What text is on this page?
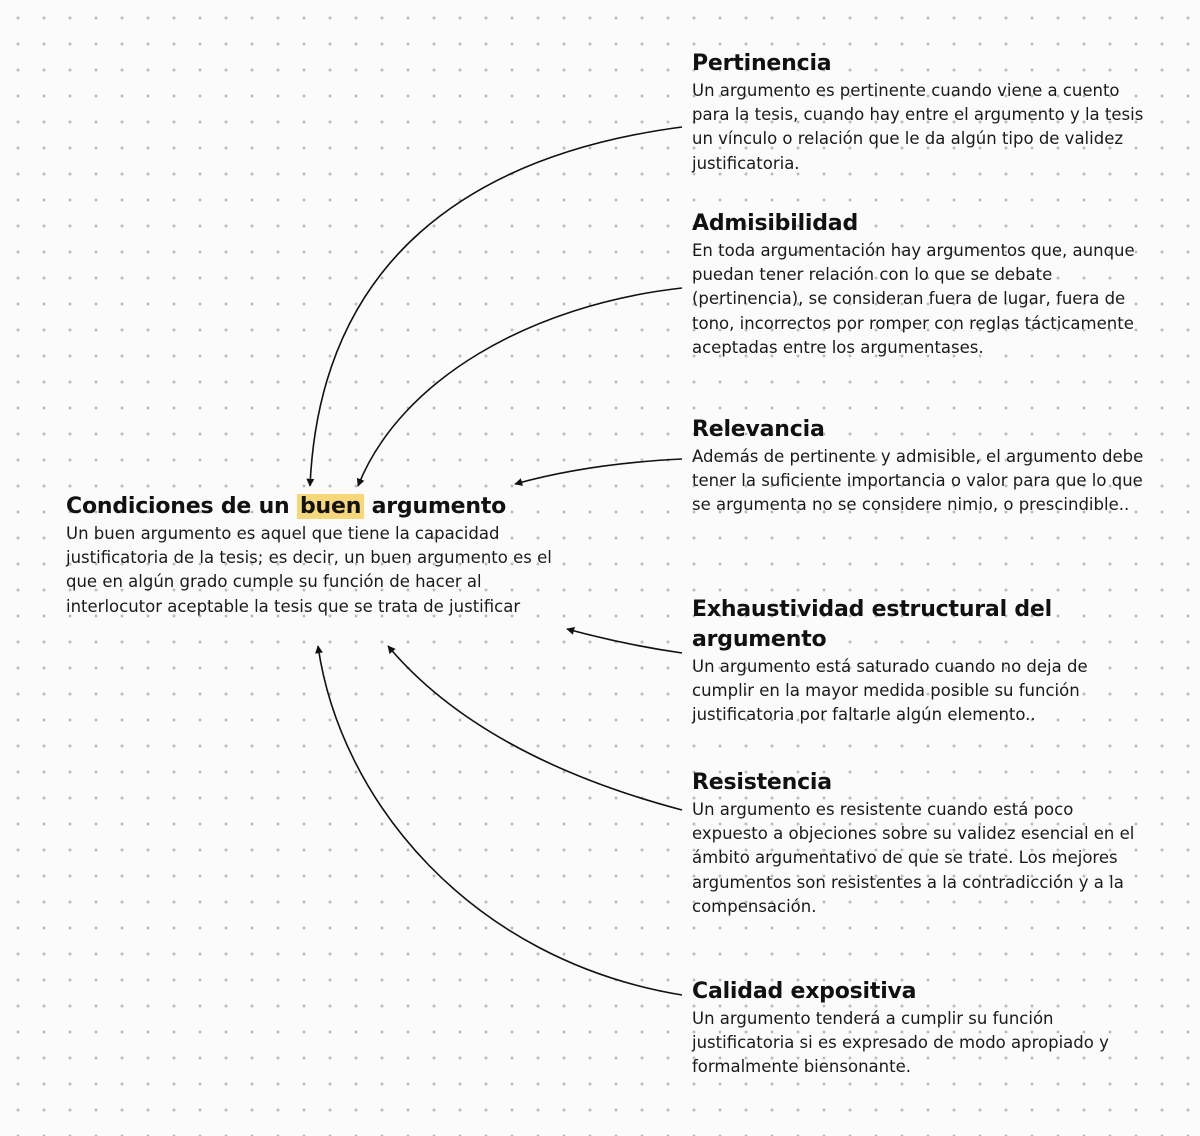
Condiciones de un buen argumento

Un buen argumento es aquel que tiene la capacidad justificatoria de la tesis; es decir, un buen argumento es el que en algún grado cumple su función de hacer al interlocutor aceptable la tesis que se trata de justificar

Pertinencia

Un argumento es pertinente cuando viene a cuento para la tesis, cuando hay entre el argumento y la tesis un vínculo o relación que le da algún tipo de validez justificatoria.

Admisibilidad

En toda argumentación hay argumentos que, aunque puedan tener relación con lo que se debate (pertinencia), se consideran fuera de lugar, fuera de tono, incorrectos por romper con reglas tácticamente aceptadas entre los argumentases.

Relevancia

Además de pertinente y admisible, el argumento debe tener la suficiente importancia o valor para que lo que se argumenta no se considere nimio, o prescindible..

Exhaustividad estructural del argumento

Un argumento está saturado cuando no deja de cumplir en la mayor medida posible su función justificatoria por faltarle algún elemento..

Resistencia

Un argumento es resistente cuando está poco expuesto a objeciones sobre su validez esencial en el ámbito argumentativo de que se trate. Los mejores argumentos son resistentes a la contradicción y a la compensación.

Calidad expositiva

Un argumento tenderá a cumplir su función justificatoria si es expresado de modo apropiado y formalmente biensonante.
